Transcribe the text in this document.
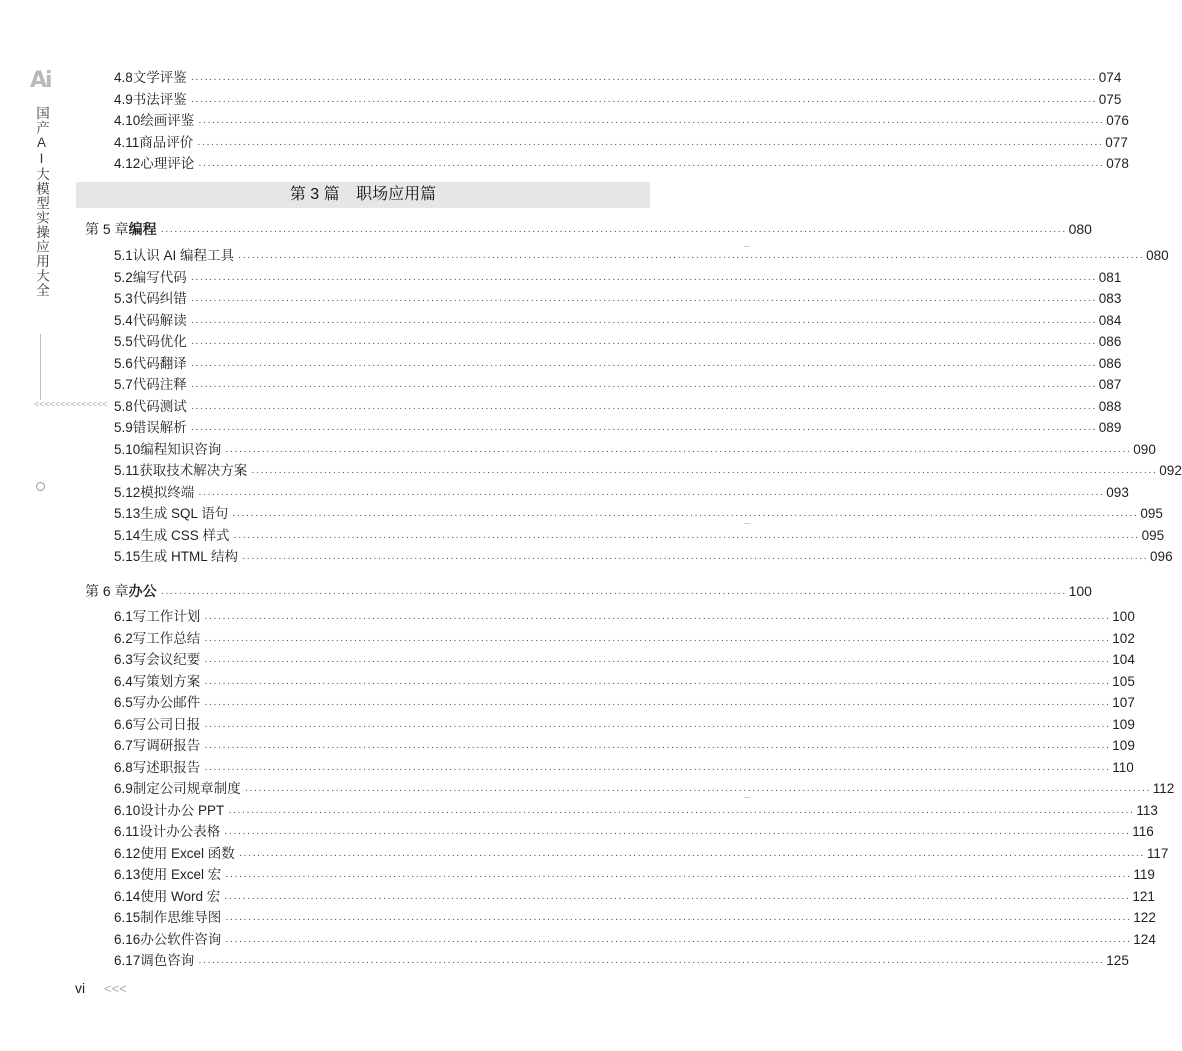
Ai
国产AI大模型实操应用大全
<<<<<<<<<<<<<<
第 3 篇 职场应用篇
第 5 章 编程 ········································································································································································································ 080
第 6 章 办公 ········································································································································································································ 100
4.8 文学评鉴 ········································································································································································································ 074
4.9 书法评鉴 ········································································································································································································ 075
4.10 绘画评鉴 ········································································································································································································ 076
4.11 商品评价 ········································································································································································································ 077
4.12 心理评论 ········································································································································································································ 078
5.1 认识 AI 编程工具 ········································································································································································································ 080
5.2 编写代码 ········································································································································································································ 081
5.3 代码纠错 ········································································································································································································ 083
5.4 代码解读 ········································································································································································································ 084
5.5 代码优化 ········································································································································································································ 086
5.6 代码翻译 ········································································································································································································ 086
5.7 代码注释 ········································································································································································································ 087
5.8 代码测试 ········································································································································································································ 088
5.9 错误解析 ········································································································································································································ 089
5.10 编程知识咨询 ········································································································································································································ 090
5.11 获取技术解决方案 ········································································································································································································ 092
5.12 模拟终端 ········································································································································································································ 093
5.13 生成 SQL 语句 ········································································································································································································ 095
5.14 生成 CSS 样式 ········································································································································································································ 095
5.15 生成 HTML 结构 ········································································································································································································ 096
6.1 写工作计划 ········································································································································································································ 100
6.2 写工作总结 ········································································································································································································ 102
6.3 写会议纪要 ········································································································································································································ 104
6.4 写策划方案 ········································································································································································································ 105
6.5 写办公邮件 ········································································································································································································ 107
6.6 写公司日报 ········································································································································································································ 109
6.7 写调研报告 ········································································································································································································ 109
6.8 写述职报告 ········································································································································································································ 110
6.9 制定公司规章制度 ········································································································································································································ 112
6.10 设计办公 PPT ········································································································································································································ 113
6.11 设计办公表格 ········································································································································································································ 116
6.12 使用 Excel 函数 ········································································································································································································ 117
6.13 使用 Excel 宏 ········································································································································································································ 119
6.14 使用 Word 宏 ········································································································································································································ 121
6.15 制作思维导图 ········································································································································································································ 122
6.16 办公软件咨询 ········································································································································································································ 124
6.17 调色咨询 ········································································································································································································ 125
vi <<<
